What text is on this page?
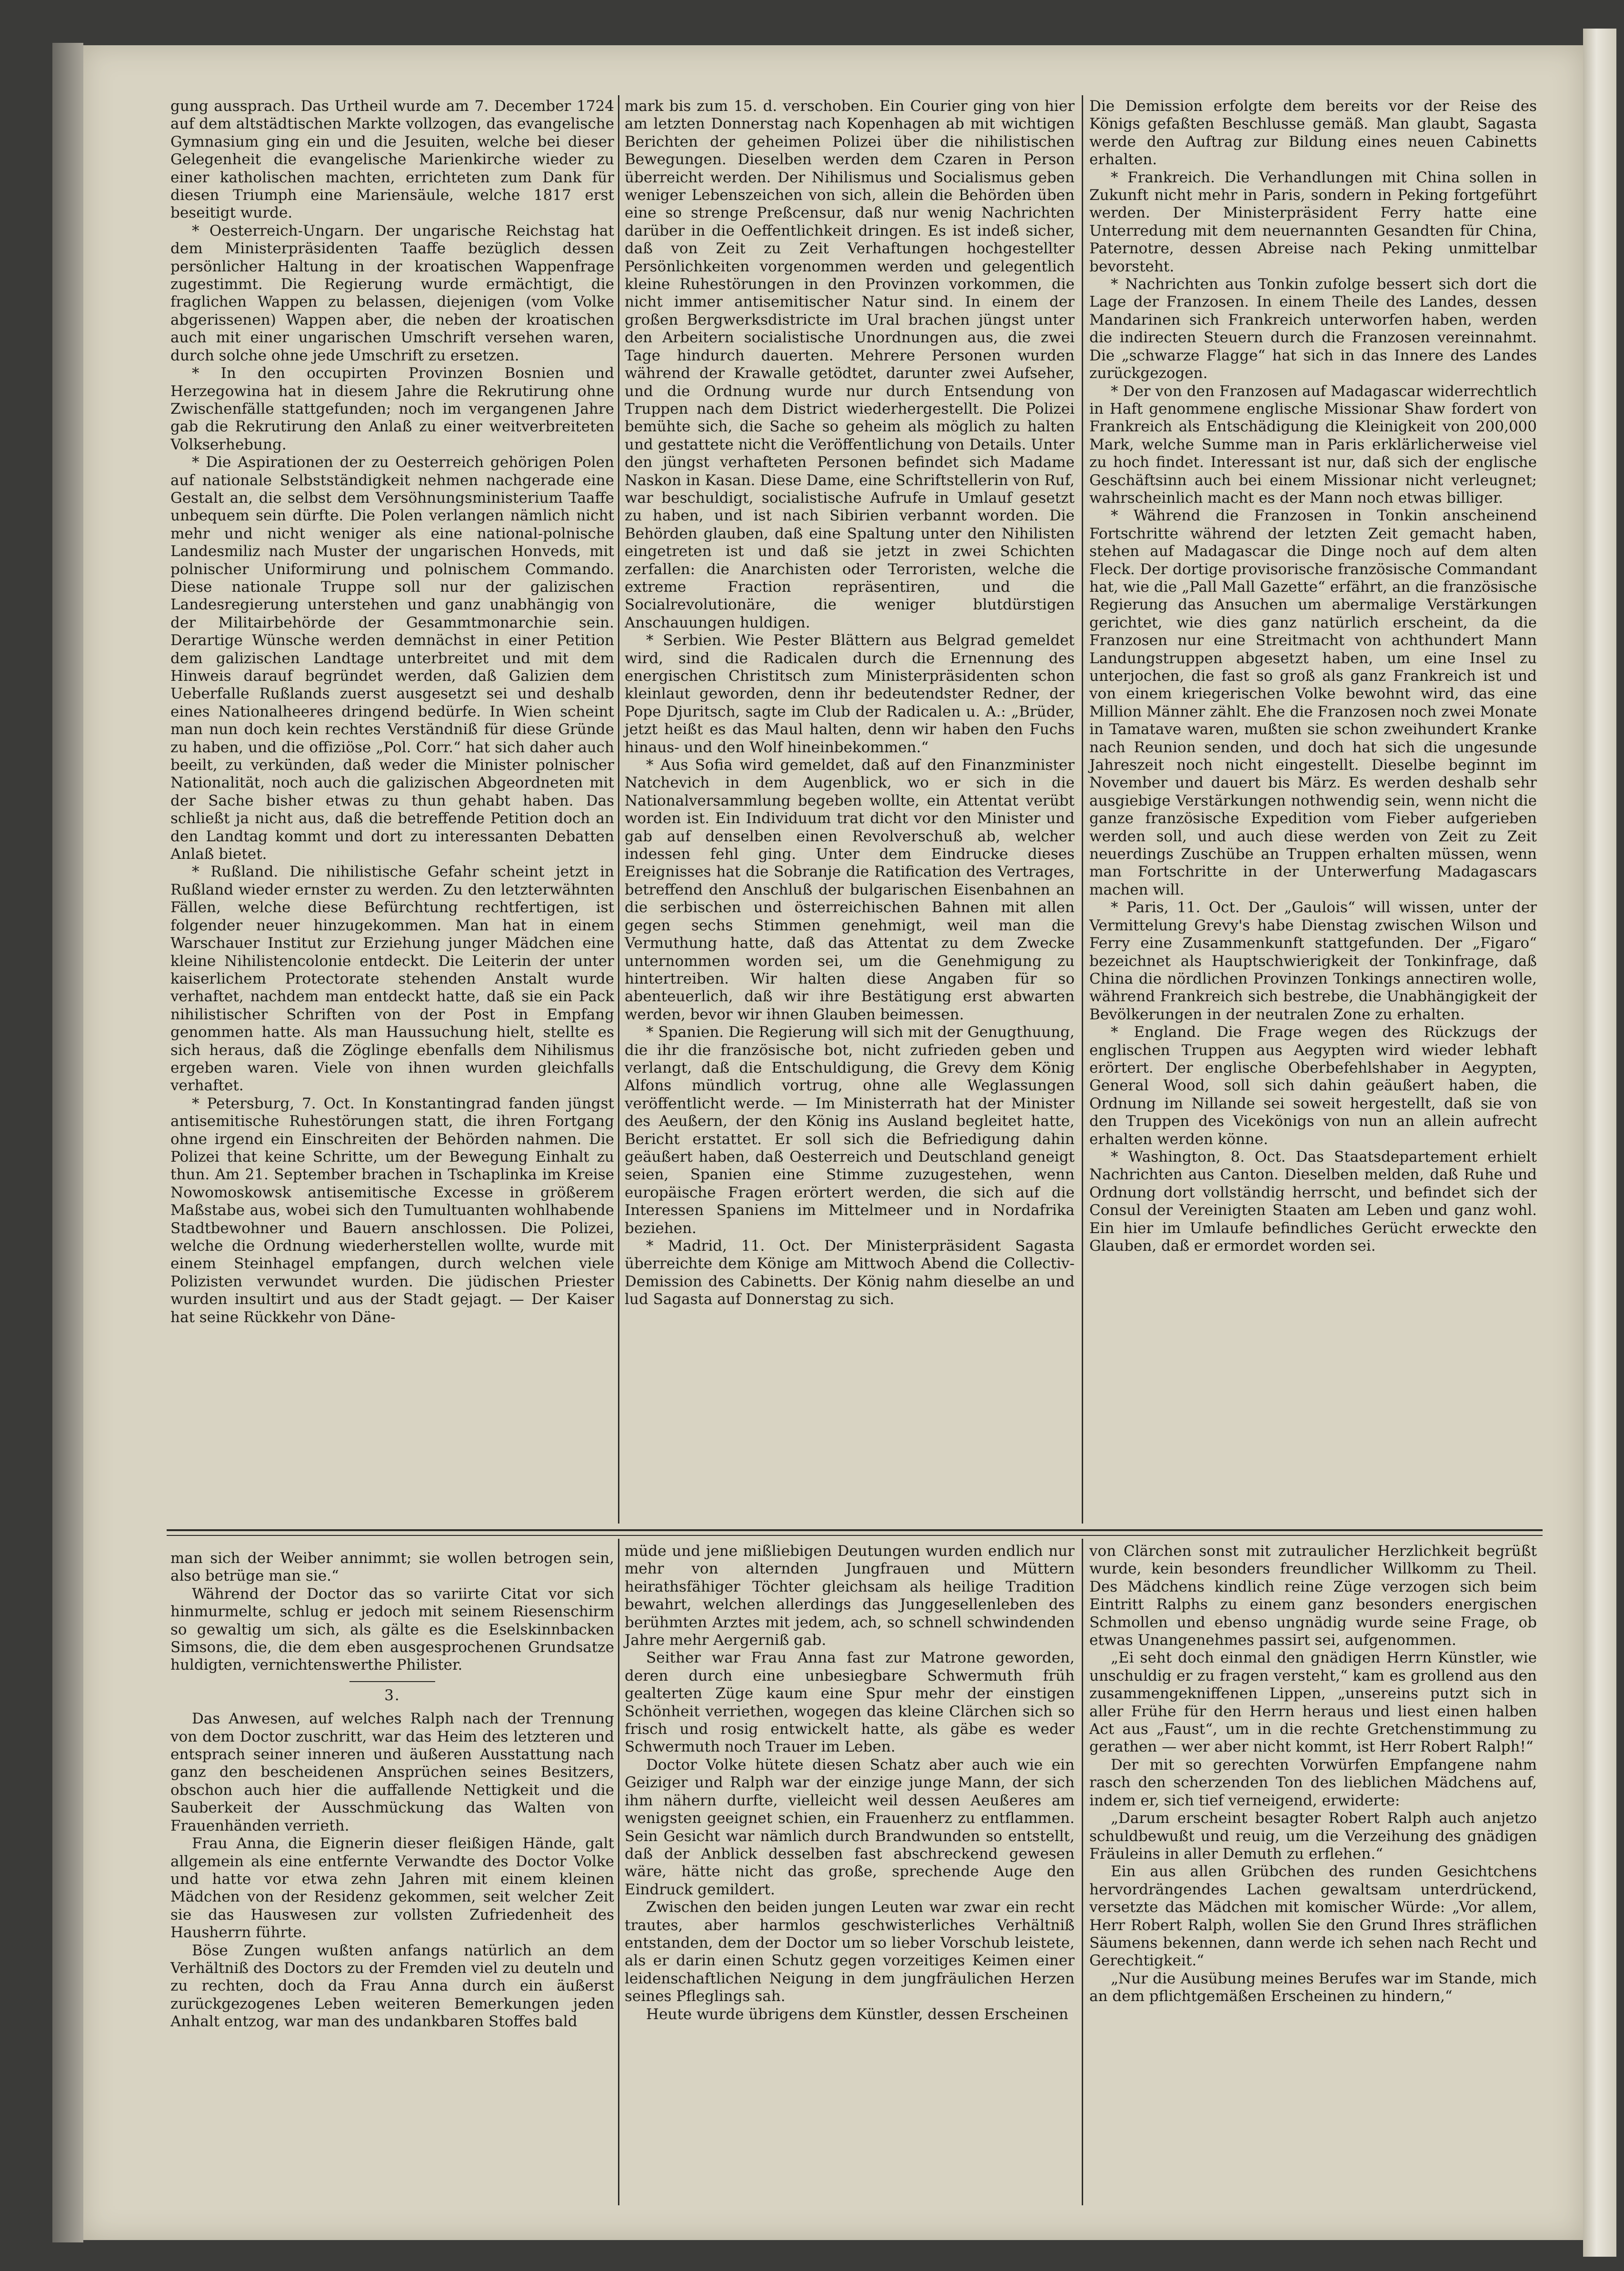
gung aussprach. Das Urtheil wurde am 7. December 1724 auf dem altstädtischen Markte vollzogen, das evangelische Gymnasium ging ein und die Jesuiten, welche bei dieser Gelegenheit die evangelische Marienkirche wieder zu einer katholischen machten, errichteten zum Dank für diesen Triumph eine Mariensäule, welche 1817 erst beseitigt wurde.

* Oesterreich-Ungarn. Der ungarische Reichstag hat dem Ministerpräsidenten Taaffe bezüglich dessen persönlicher Haltung in der kroatischen Wappenfrage zugestimmt. Die Regierung wurde ermächtigt, die fraglichen Wappen zu belassen, diejenigen (vom Volke abgerissenen) Wappen aber, die neben der kroatischen auch mit einer ungarischen Umschrift versehen waren, durch solche ohne jede Umschrift zu ersetzen.

* In den occupirten Provinzen Bosnien und Herzegowina hat in diesem Jahre die Rekrutirung ohne Zwischenfälle stattgefunden; noch im vergangenen Jahre gab die Rekrutirung den Anlaß zu einer weitverbreiteten Volkserhebung.

* Die Aspirationen der zu Oesterreich gehörigen Polen auf nationale Selbstständigkeit nehmen nachgerade eine Gestalt an, die selbst dem Versöhnungsministerium Taaffe unbequem sein dürfte. Die Polen verlangen nämlich nicht mehr und nicht weniger als eine national-polnische Landesmiliz nach Muster der ungarischen Honveds, mit polnischer Uniformirung und polnischem Commando. Diese nationale Truppe soll nur der galizischen Landesregierung unterstehen und ganz unabhängig von der Militairbehörde der Gesammtmonarchie sein. Derartige Wünsche werden demnächst in einer Petition dem galizischen Landtage unterbreitet und mit dem Hinweis darauf begründet werden, daß Galizien dem Ueberfalle Rußlands zuerst ausgesetzt sei und deshalb eines Nationalheeres dringend bedürfe. In Wien scheint man nun doch kein rechtes Verständniß für diese Gründe zu haben, und die offiziöse „Pol. Corr.“ hat sich daher auch beeilt, zu verkünden, daß weder die Minister polnischer Nationalität, noch auch die galizischen Abgeordneten mit der Sache bisher etwas zu thun gehabt haben. Das schließt ja nicht aus, daß die betreffende Petition doch an den Landtag kommt und dort zu interessanten Debatten Anlaß bietet.

* Rußland. Die nihilistische Gefahr scheint jetzt in Rußland wieder ernster zu werden. Zu den letzterwähnten Fällen, welche diese Befürchtung rechtfertigen, ist folgender neuer hinzugekommen. Man hat in einem Warschauer Institut zur Erziehung junger Mädchen eine kleine Nihilistencolonie entdeckt. Die Leiterin der unter kaiserlichem Protectorate stehenden Anstalt wurde verhaftet, nachdem man entdeckt hatte, daß sie ein Pack nihilistischer Schriften von der Post in Empfang genommen hatte. Als man Haussuchung hielt, stellte es sich heraus, daß die Zöglinge ebenfalls dem Nihilismus ergeben waren. Viele von ihnen wurden gleichfalls verhaftet.

* Petersburg, 7. Oct. In Konstantingrad fanden jüngst antisemitische Ruhestörungen statt, die ihren Fortgang ohne irgend ein Einschreiten der Behörden nahmen. Die Polizei that keine Schritte, um der Bewegung Einhalt zu thun. Am 21. September brachen in Tschaplinka im Kreise Nowomoskowsk antisemitische Excesse in größerem Maßstabe aus, wobei sich den Tumultuanten wohlhabende Stadtbewohner und Bauern anschlossen. Die Polizei, welche die Ordnung wiederherstellen wollte, wurde mit einem Steinhagel empfangen, durch welchen viele Polizisten verwundet wurden. Die jüdischen Priester wurden insultirt und aus der Stadt gejagt. — Der Kaiser hat seine Rückkehr von Däne-

mark bis zum 15. d. verschoben. Ein Courier ging von hier am letzten Donnerstag nach Kopenhagen ab mit wichtigen Berichten der geheimen Polizei über die nihilistischen Bewegungen. Dieselben werden dem Czaren in Person überreicht werden. Der Nihilismus und Socialismus geben weniger Lebenszeichen von sich, allein die Behörden üben eine so strenge Preßcensur, daß nur wenig Nachrichten darüber in die Oeffentlichkeit dringen. Es ist indeß sicher, daß von Zeit zu Zeit Verhaftungen hochgestellter Persönlichkeiten vorgenommen werden und gelegentlich kleine Ruhestörungen in den Provinzen vorkommen, die nicht immer antisemitischer Natur sind. In einem der großen Bergwerksdistricte im Ural brachen jüngst unter den Arbeitern socialistische Unordnungen aus, die zwei Tage hindurch dauerten. Mehrere Personen wurden während der Krawalle getödtet, darunter zwei Aufseher, und die Ordnung wurde nur durch Entsendung von Truppen nach dem District wiederhergestellt. Die Polizei bemühte sich, die Sache so geheim als möglich zu halten und gestattete nicht die Veröffentlichung von Details. Unter den jüngst verhafteten Personen befindet sich Madame Naskon in Kasan. Diese Dame, eine Schriftstellerin von Ruf, war beschuldigt, socialistische Aufrufe in Umlauf gesetzt zu haben, und ist nach Sibirien verbannt worden. Die Behörden glauben, daß eine Spaltung unter den Nihilisten eingetreten ist und daß sie jetzt in zwei Schichten zerfallen: die Anarchisten oder Terroristen, welche die extreme Fraction repräsentiren, und die Socialrevolutionäre, die weniger blutdürstigen Anschauungen huldigen.

* Serbien. Wie Pester Blättern aus Belgrad gemeldet wird, sind die Radicalen durch die Ernennung des energischen Christitsch zum Ministerpräsidenten schon kleinlaut geworden, denn ihr bedeutendster Redner, der Pope Djuritsch, sagte im Club der Radicalen u. A.: „Brüder, jetzt heißt es das Maul halten, denn wir haben den Fuchs hinaus- und den Wolf hineinbekommen.“

* Aus Sofia wird gemeldet, daß auf den Finanzminister Natchevich in dem Augenblick, wo er sich in die Nationalversammlung begeben wollte, ein Attentat verübt worden ist. Ein Individuum trat dicht vor den Minister und gab auf denselben einen Revolverschuß ab, welcher indessen fehl ging. Unter dem Eindrucke dieses Ereignisses hat die Sobranje die Ratification des Vertrages, betreffend den Anschluß der bulgarischen Eisenbahnen an die serbischen und österreichischen Bahnen mit allen gegen sechs Stimmen genehmigt, weil man die Vermuthung hatte, daß das Attentat zu dem Zwecke unternommen worden sei, um die Genehmigung zu hintertreiben. Wir halten diese Angaben für so abenteuerlich, daß wir ihre Bestätigung erst abwarten werden, bevor wir ihnen Glauben beimessen.

* Spanien. Die Regierung will sich mit der Genugthuung, die ihr die französische bot, nicht zufrieden geben und verlangt, daß die Entschuldigung, die Grevy dem König Alfons mündlich vortrug, ohne alle Weglassungen veröffentlicht werde. — Im Ministerrath hat der Minister des Aeußern, der den König ins Ausland begleitet hatte, Bericht erstattet. Er soll sich die Befriedigung dahin geäußert haben, daß Oesterreich und Deutschland geneigt seien, Spanien eine Stimme zuzugestehen, wenn europäische Fragen erörtert werden, die sich auf die Interessen Spaniens im Mittelmeer und in Nordafrika beziehen.

* Madrid, 11. Oct. Der Ministerpräsident Sagasta überreichte dem Könige am Mittwoch Abend die Collectiv-Demission des Cabinetts. Der König nahm dieselbe an und lud Sagasta auf Donnerstag zu sich.

Die Demission erfolgte dem bereits vor der Reise des Königs gefaßten Beschlusse gemäß. Man glaubt, Sagasta werde den Auftrag zur Bildung eines neuen Cabinetts erhalten.

* Frankreich. Die Verhandlungen mit China sollen in Zukunft nicht mehr in Paris, sondern in Peking fortgeführt werden. Der Ministerpräsident Ferry hatte eine Unterredung mit dem neuernannten Gesandten für China, Paternotre, dessen Abreise nach Peking unmittelbar bevorsteht.

* Nachrichten aus Tonkin zufolge bessert sich dort die Lage der Franzosen. In einem Theile des Landes, dessen Mandarinen sich Frankreich unterworfen haben, werden die indirecten Steuern durch die Franzosen vereinnahmt. Die „schwarze Flagge“ hat sich in das Innere des Landes zurückgezogen.

* Der von den Franzosen auf Madagascar widerrechtlich in Haft genommene englische Missionar Shaw fordert von Frankreich als Entschädigung die Kleinigkeit von 200,000 Mark, welche Summe man in Paris erklärlicherweise viel zu hoch findet. Interessant ist nur, daß sich der englische Geschäftsinn auch bei einem Missionar nicht verleugnet; wahrscheinlich macht es der Mann noch etwas billiger.

* Während die Franzosen in Tonkin anscheinend Fortschritte während der letzten Zeit gemacht haben, stehen auf Madagascar die Dinge noch auf dem alten Fleck. Der dortige provisorische französische Commandant hat, wie die „Pall Mall Gazette“ erfährt, an die französische Regierung das Ansuchen um abermalige Verstärkungen gerichtet, wie dies ganz natürlich erscheint, da die Franzosen nur eine Streitmacht von achthundert Mann Landungstruppen abgesetzt haben, um eine Insel zu unterjochen, die fast so groß als ganz Frankreich ist und von einem kriegerischen Volke bewohnt wird, das eine Million Männer zählt. Ehe die Franzosen noch zwei Monate in Tamatave waren, mußten sie schon zweihundert Kranke nach Reunion senden, und doch hat sich die ungesunde Jahreszeit noch nicht eingestellt. Dieselbe beginnt im November und dauert bis März. Es werden deshalb sehr ausgiebige Verstärkungen nothwendig sein, wenn nicht die ganze französische Expedition vom Fieber aufgerieben werden soll, und auch diese werden von Zeit zu Zeit neuerdings Zuschübe an Truppen erhalten müssen, wenn man Fortschritte in der Unterwerfung Madagascars machen will.

* Paris, 11. Oct. Der „Gaulois“ will wissen, unter der Vermittelung Grevy's habe Dienstag zwischen Wilson und Ferry eine Zusammenkunft stattgefunden. Der „Figaro“ bezeichnet als Hauptschwierigkeit der Tonkinfrage, daß China die nördlichen Provinzen Tonkings annectiren wolle, während Frankreich sich bestrebe, die Unabhängigkeit der Bevölkerungen in der neutralen Zone zu erhalten.

* England. Die Frage wegen des Rückzugs der englischen Truppen aus Aegypten wird wieder lebhaft erörtert. Der englische Oberbefehlshaber in Aegypten, General Wood, soll sich dahin geäußert haben, die Ordnung im Nillande sei soweit hergestellt, daß sie von den Truppen des Vicekönigs von nun an allein aufrecht erhalten werden könne.

* Washington, 8. Oct. Das Staatsdepartement erhielt Nachrichten aus Canton. Dieselben melden, daß Ruhe und Ordnung dort vollständig herrscht, und befindet sich der Consul der Vereinigten Staaten am Leben und ganz wohl. Ein hier im Umlaufe befindliches Gerücht erweckte den Glauben, daß er ermordet worden sei.

man sich der Weiber annimmt; sie wollen betrogen sein, also betrüge man sie.“

Während der Doctor das so variirte Citat vor sich hinmurmelte, schlug er jedoch mit seinem Riesenschirm so gewaltig um sich, als gälte es die Eselskinnbacken Simsons, die, die dem eben ausgesprochenen Grundsatze huldigten, vernichtenswerthe Philister.

3.

Das Anwesen, auf welches Ralph nach der Trennung von dem Doctor zuschritt, war das Heim des letzteren und entsprach seiner inneren und äußeren Ausstattung nach ganz den bescheidenen Ansprüchen seines Besitzers, obschon auch hier die auffallende Nettigkeit und die Sauberkeit der Ausschmückung das Walten von Frauenhänden verrieth.

Frau Anna, die Eignerin dieser fleißigen Hände, galt allgemein als eine entfernte Verwandte des Doctor Volke und hatte vor etwa zehn Jahren mit einem kleinen Mädchen von der Residenz gekommen, seit welcher Zeit sie das Hauswesen zur vollsten Zufriedenheit des Hausherrn führte.

Böse Zungen wußten anfangs natürlich an dem Verhältniß des Doctors zu der Fremden viel zu deuteln und zu rechten, doch da Frau Anna durch ein äußerst zurückgezogenes Leben weiteren Bemerkungen jeden Anhalt entzog, war man des undankbaren Stoffes bald

müde und jene mißliebigen Deutungen wurden endlich nur mehr von alternden Jungfrauen und Müttern heirathsfähiger Töchter gleichsam als heilige Tradition bewahrt, welchen allerdings das Junggesellenleben des berühmten Arztes mit jedem, ach, so schnell schwindenden Jahre mehr Aergerniß gab.

Seither war Frau Anna fast zur Matrone geworden, deren durch eine unbesiegbare Schwermuth früh gealterten Züge kaum eine Spur mehr der einstigen Schönheit verriethen, wogegen das kleine Clärchen sich so frisch und rosig entwickelt hatte, als gäbe es weder Schwermuth noch Trauer im Leben.

Doctor Volke hütete diesen Schatz aber auch wie ein Geiziger und Ralph war der einzige junge Mann, der sich ihm nähern durfte, vielleicht weil dessen Aeußeres am wenigsten geeignet schien, ein Frauenherz zu entflammen. Sein Gesicht war nämlich durch Brandwunden so entstellt, daß der Anblick desselben fast abschreckend gewesen wäre, hätte nicht das große, sprechende Auge den Eindruck gemildert.

Zwischen den beiden jungen Leuten war zwar ein recht trautes, aber harmlos geschwisterliches Verhältniß entstanden, dem der Doctor um so lieber Vorschub leistete, als er darin einen Schutz gegen vorzeitiges Keimen einer leidenschaftlichen Neigung in dem jungfräulichen Herzen seines Pfleglings sah.

Heute wurde übrigens dem Künstler, dessen Erscheinen

von Clärchen sonst mit zutraulicher Herzlichkeit begrüßt wurde, kein besonders freundlicher Willkomm zu Theil. Des Mädchens kindlich reine Züge verzogen sich beim Eintritt Ralphs zu einem ganz besonders energischen Schmollen und ebenso ungnädig wurde seine Frage, ob etwas Unangenehmes passirt sei, aufgenommen.

„Ei seht doch einmal den gnädigen Herrn Künstler, wie unschuldig er zu fragen versteht,“ kam es grollend aus den zusammengekniffenen Lippen, „unsereins putzt sich in aller Frühe für den Herrn heraus und liest einen halben Act aus „Faust“, um in die rechte Gretchenstimmung zu gerathen — wer aber nicht kommt, ist Herr Robert Ralph!“

Der mit so gerechten Vorwürfen Empfangene nahm rasch den scherzenden Ton des lieblichen Mädchens auf, indem er, sich tief verneigend, erwiderte:

„Darum erscheint besagter Robert Ralph auch anjetzo schuldbewußt und reuig, um die Verzeihung des gnädigen Fräuleins in aller Demuth zu erflehen.“

Ein aus allen Grübchen des runden Gesichtchens hervordrängendes Lachen gewaltsam unterdrückend, versetzte das Mädchen mit komischer Würde: „Vor allem, Herr Robert Ralph, wollen Sie den Grund Ihres sträflichen Säumens bekennen, dann werde ich sehen nach Recht und Gerechtigkeit.“

„Nur die Ausübung meines Berufes war im Stande, mich an dem pflichtgemäßen Erscheinen zu hindern,“
